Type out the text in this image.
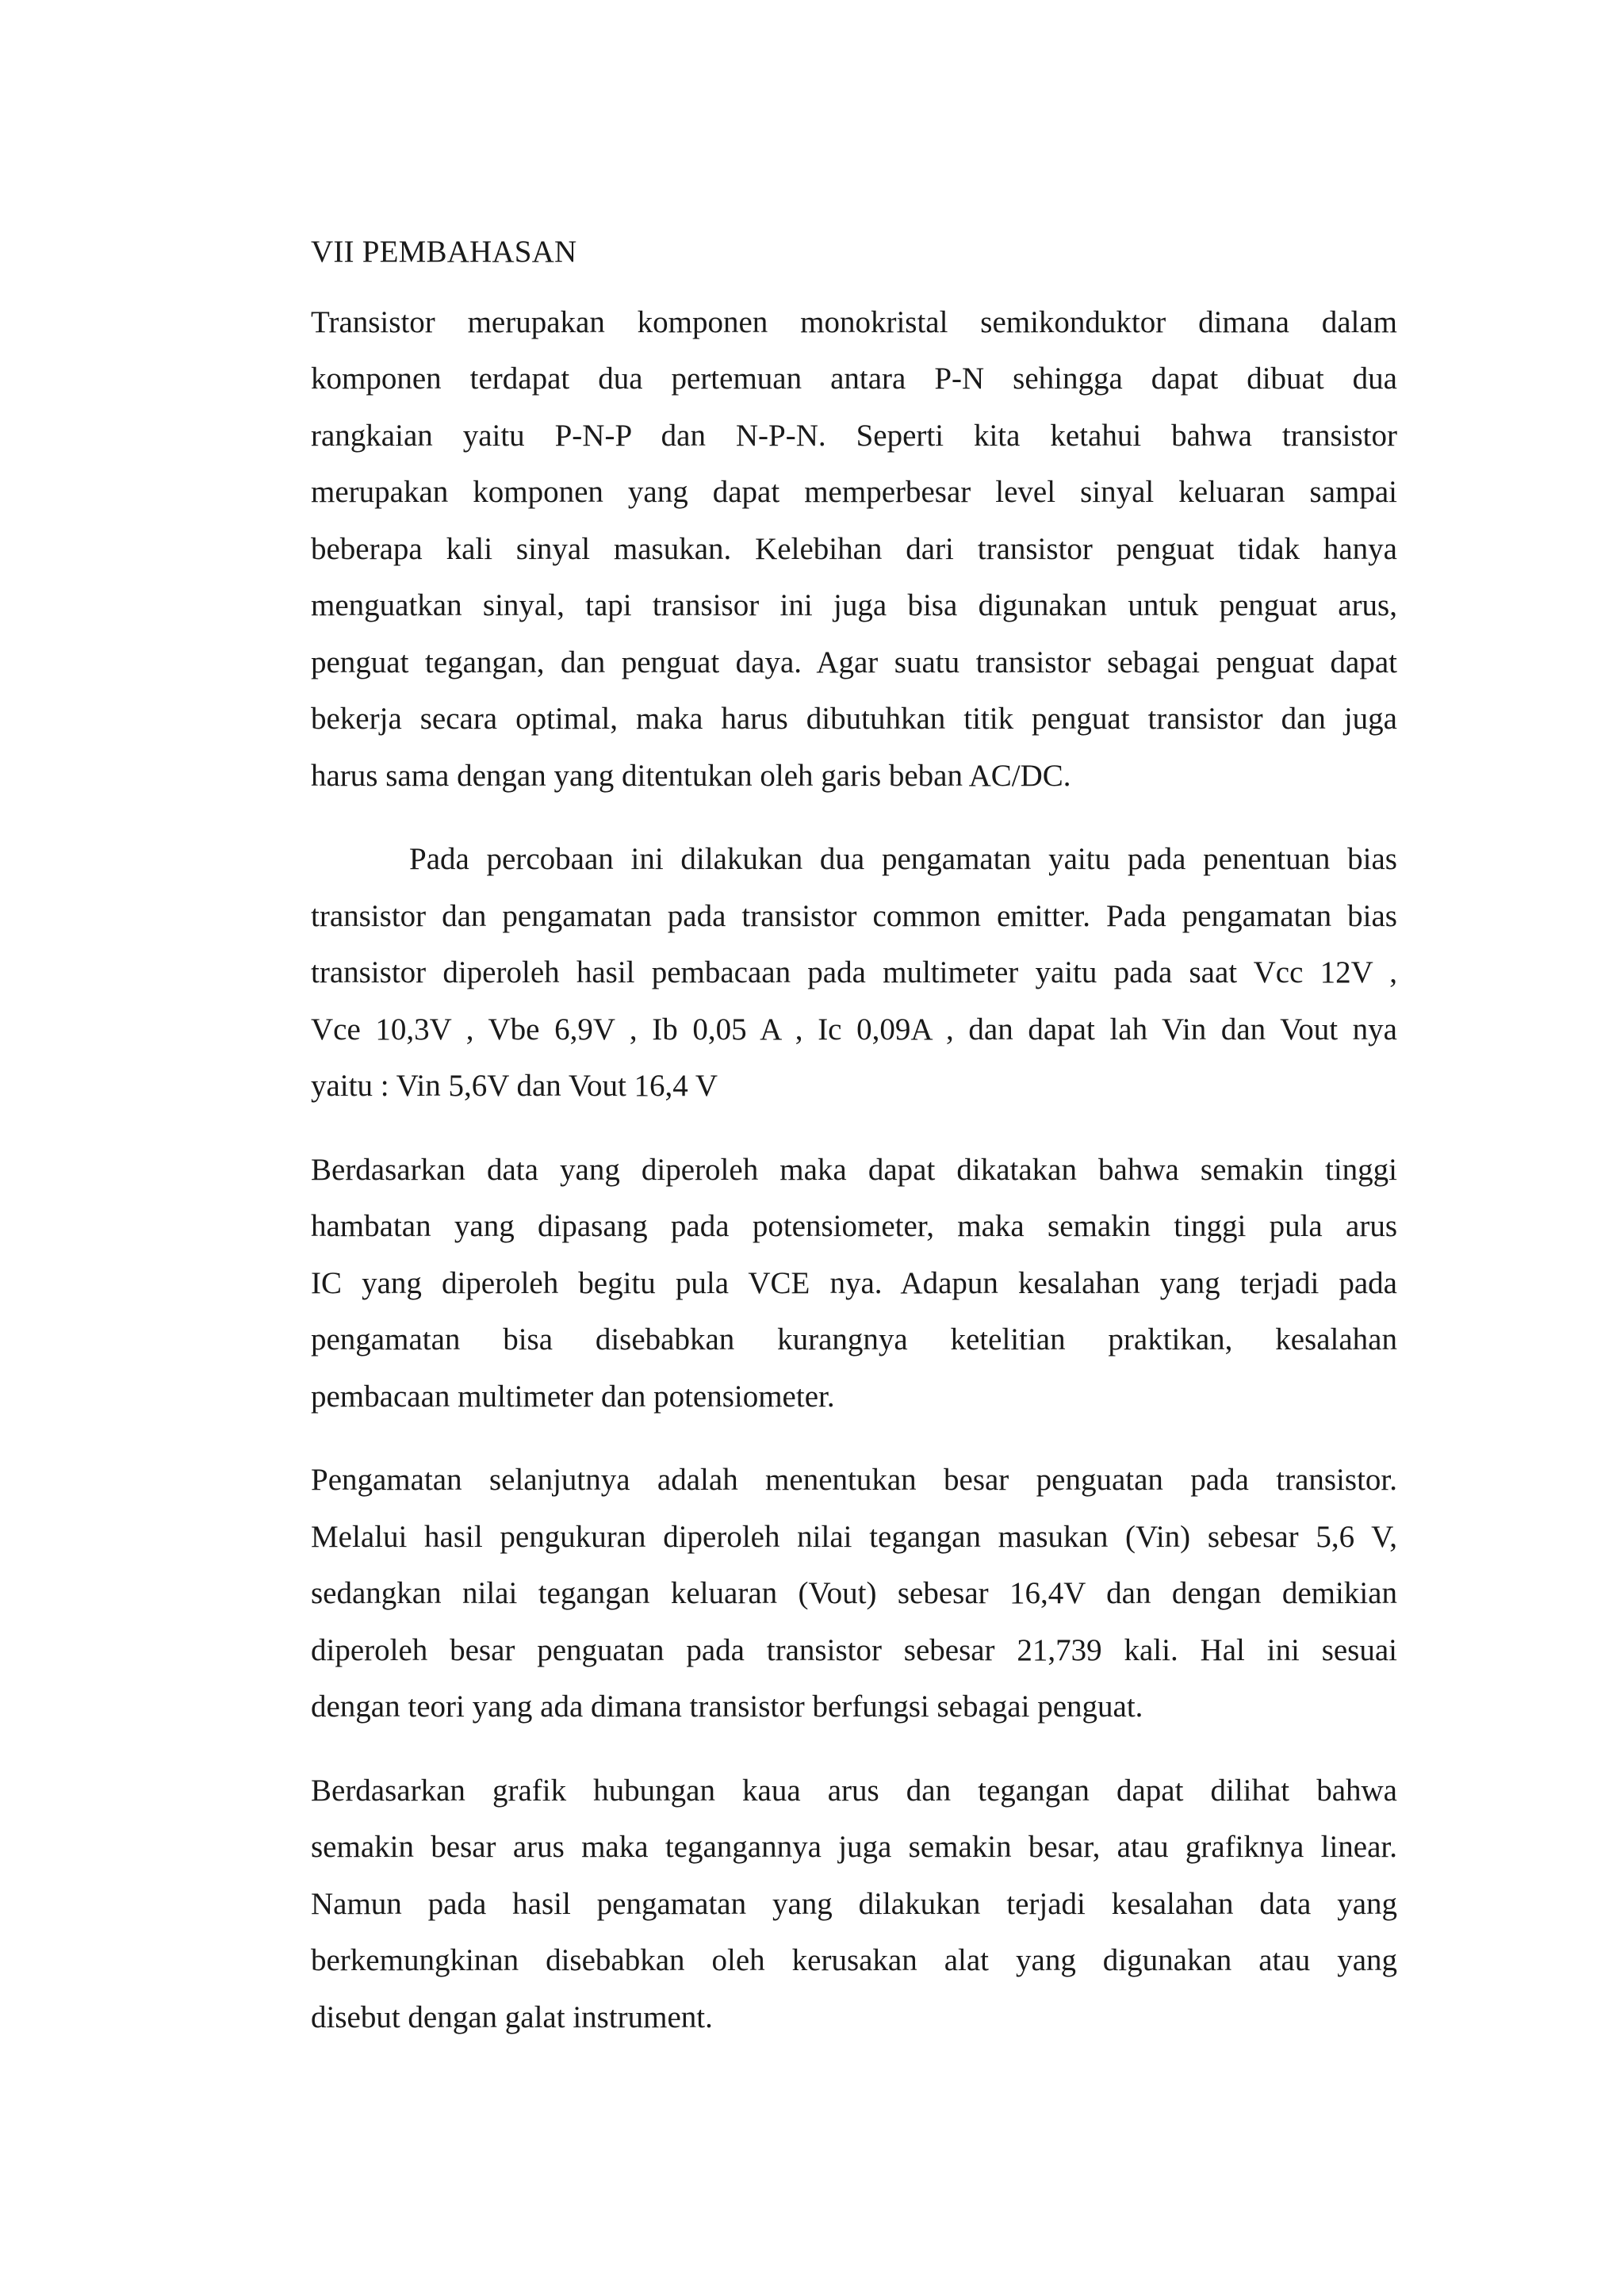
VII PEMBAHASAN
Transistor merupakan komponen monokristal semikonduktor dimana dalam
komponen terdapat dua pertemuan antara P-N sehingga dapat dibuat dua
rangkaian yaitu P-N-P dan N-P-N. Seperti kita ketahui bahwa transistor
merupakan komponen yang dapat memperbesar level sinyal keluaran sampai
beberapa kali sinyal masukan. Kelebihan dari transistor penguat tidak hanya
menguatkan sinyal, tapi transisor ini juga bisa digunakan untuk penguat arus,
penguat tegangan, dan penguat daya. Agar suatu transistor sebagai penguat dapat
bekerja secara optimal, maka harus dibutuhkan titik penguat transistor dan juga
harus sama dengan yang ditentukan oleh garis beban AC/DC.
Pada percobaan ini dilakukan dua pengamatan yaitu pada penentuan bias
transistor dan pengamatan pada transistor common emitter. Pada pengamatan bias
transistor diperoleh hasil pembacaan pada multimeter yaitu pada saat Vcc 12V ,
Vce 10,3V , Vbe 6,9V , Ib 0,05 A , Ic 0,09A , dan dapat lah Vin dan Vout nya
yaitu : Vin 5,6V dan Vout 16,4 V
Berdasarkan data yang diperoleh maka dapat dikatakan bahwa semakin tinggi
hambatan yang dipasang pada potensiometer, maka semakin tinggi pula arus
IC yang diperoleh begitu pula VCE nya. Adapun kesalahan yang terjadi pada
pengamatan bisa disebabkan kurangnya ketelitian praktikan, kesalahan
pembacaan multimeter dan potensiometer.
Pengamatan selanjutnya adalah menentukan besar penguatan pada transistor.
Melalui hasil pengukuran diperoleh nilai tegangan masukan (Vin) sebesar 5,6 V,
sedangkan nilai tegangan keluaran (Vout) sebesar 16,4V dan dengan demikian
diperoleh besar penguatan pada transistor sebesar 21,739 kali. Hal ini sesuai
dengan teori yang ada dimana transistor berfungsi sebagai penguat.
Berdasarkan grafik hubungan kaua arus dan tegangan dapat dilihat bahwa
semakin besar arus maka tegangannya juga semakin besar, atau grafiknya linear.
Namun pada hasil pengamatan yang dilakukan terjadi kesalahan data yang
berkemungkinan disebabkan oleh kerusakan alat yang digunakan atau yang
disebut dengan galat instrument.
